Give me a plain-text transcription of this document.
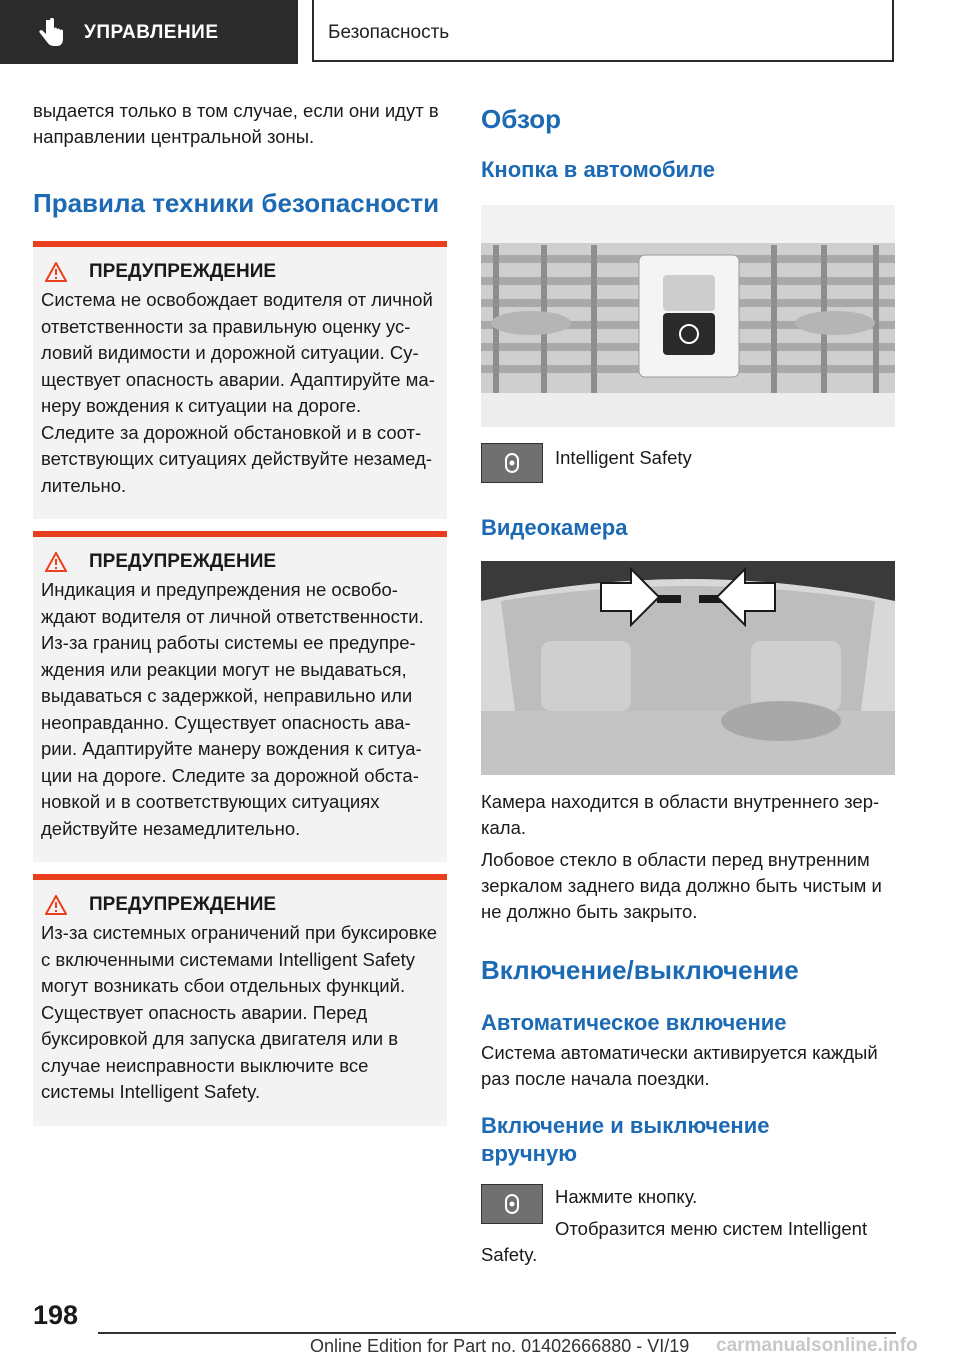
УПРАВЛЕНИЕ	Безопасность

выдается только в том случае, если они идут в направлении центральной зоны.

Правила техники безопасности
ПРЕДУПРЕЖДЕНИЕ

Система не освобождает водителя от личной ответственности за правильную оценку условий видимости и дорожной ситуации. Существует опасность аварии. Адаптируйте манеру вождения к ситуации на дороге. Следите за дорожной обстановкой и в соответствующих ситуациях действуйте незамедлительно.

ПРЕДУПРЕЖДЕНИЕ

Индикация и предупреждения не освобождают водителя от личной ответственности. Из-за границ работы системы ее предупреждения или реакции могут не выдаваться, выдаваться с задержкой, неправильно или неоправданно. Существует опасность аварии. Адаптируйте манеру вождения к ситуации на дороге. Следите за дорожной обстановкой и в соответствующих ситуациях действуйте незамедлительно.

ПРЕДУПРЕЖДЕНИЕ

Из-за системных ограничений при буксировке с включенными системами Intelligent Safety могут возникать сбои отдельных функций. Существует опасность аварии. Перед буксировкой для запуска двигателя или в случае неисправности выключите все системы Intelligent Safety.

Обзор
Кнопка в автомобиле

Intelligent Safety

Видеокамера

Камера находится в области внутреннего зеркала.

Лобовое стекло в области перед внутренним зеркалом заднего вида должно быть чистым и не должно быть закрыто.

Включение/выключение
Автоматическое включение

Система автоматически активируется каждый раз после начала поездки.

Включение и выключение вручную

Нажмите кнопку.

Отобразится меню систем Intelligent Safety.

198
Online Edition for Part no. 01402666880 - VI/19 carmanualsonline.info
